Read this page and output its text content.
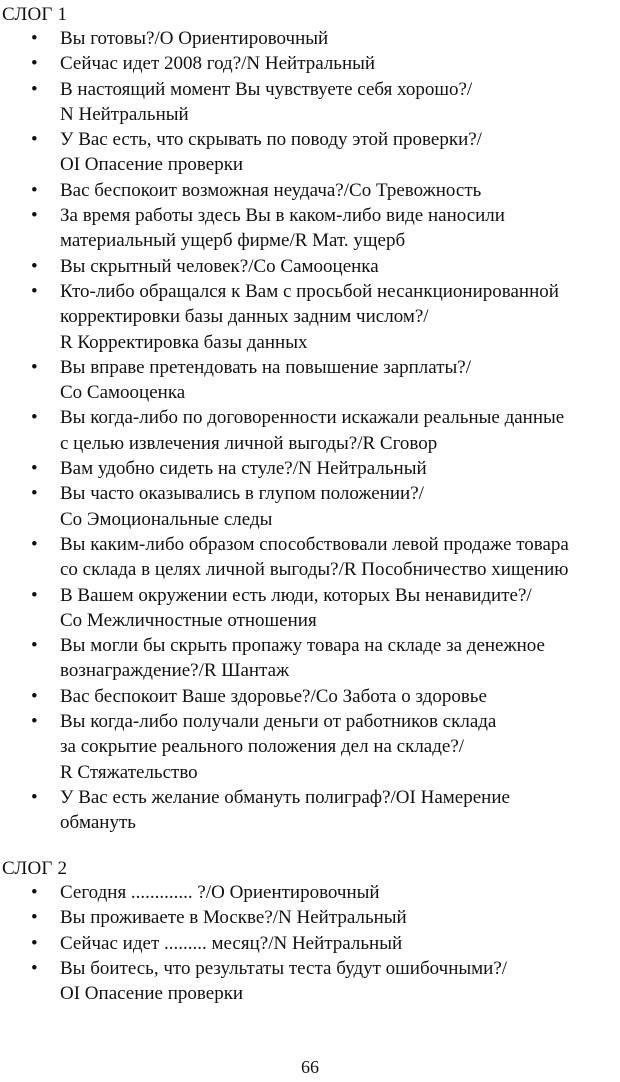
СЛОГ 1
• Вы готовы?/O Ориентировочный
• Сейчас идет 2008 год?/N Нейтральный
• В настоящий момент Вы чувствуете себя хорошо?/
N Нейтральный
• У Вас есть, что скрывать по поводу этой проверки?/
OI Опасение проверки
• Вас беспокоит возможная неудача?/Со Тревожность
• За время работы здесь Вы в каком-либо виде наносили
материальный ущерб фирме/R Мат. ущерб
• Вы скрытный человек?/Со Самооценка
• Кто-либо обращался к Вам с просьбой несанкционированной
корректировки базы данных задним числом?/
R Корректировка базы данных
• Вы вправе претендовать на повышение зарплаты?/
Со Самооценка
• Вы когда-либо по договоренности искажали реальные данные
с целью извлечения личной выгоды?/R Сговор
• Вам удобно сидеть на стуле?/N Нейтральный
• Вы часто оказывались в глупом положении?/
Со Эмоциональные следы
• Вы каким-либо образом способствовали левой продаже товара
со склада в целях личной выгоды?/R Пособничество хищению
• В Вашем окружении есть люди, которых Вы ненавидите?/
Со Межличностные отношения
• Вы могли бы скрыть пропажу товара на складе за денежное
вознаграждение?/R Шантаж
• Вас беспокоит Ваше здоровье?/Со Забота о здоровье
• Вы когда-либо получали деньги от работников склада
за сокрытие реального положения дел на складе?/
R Стяжательство
• У Вас есть желание обмануть полиграф?/OI Намерение
обмануть
СЛОГ 2
• Сегодня ............. ?/O Ориентировочный
• Вы проживаете в Москве?/N Нейтральный
• Сейчас идет ......... месяц?/N Нейтральный
• Вы боитесь, что результаты теста будут ошибочными?/
OI Опасение проверки
66
